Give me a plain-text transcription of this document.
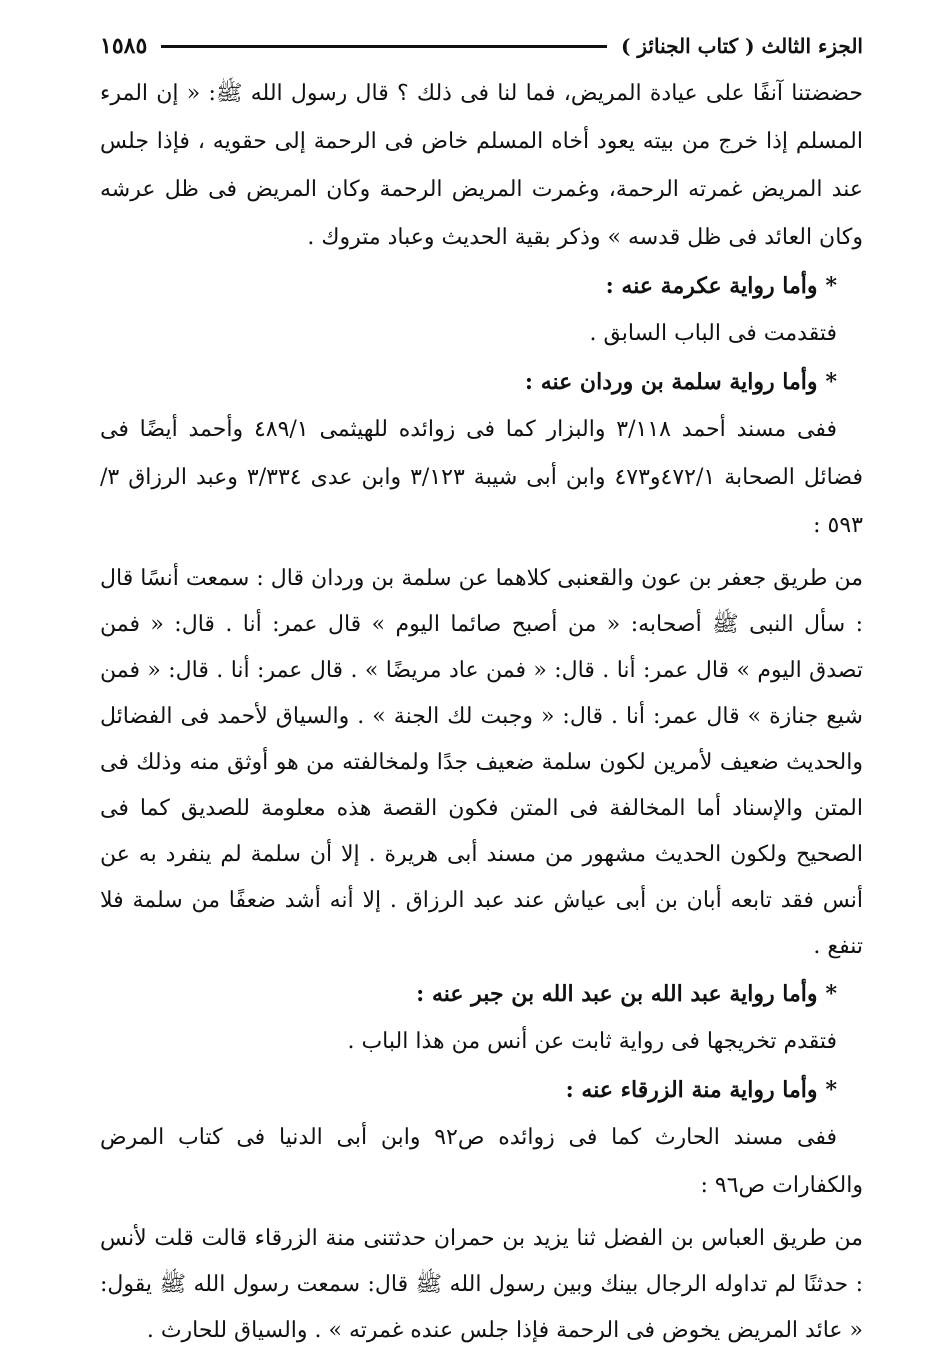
الجزء الثالث ( كتاب الجنائز )
١٥٨٥

حضضتنا آنفًا على عيادة المريض، فما لنا فى ذلك ؟ قال رسول الله ﷺ: « إن المرء المسلم إذا خرج من بيته يعود أخاه المسلم خاض فى الرحمة إلى حقويه ، فإذا جلس عند المريض غمرته الرحمة، وغمرت المريض الرحمة وكان المريض فى ظل عرشه وكان العائد فى ظل قدسه » وذكر بقية الحديث وعباد متروك .

*وأما رواية عكرمة عنه :

فتقدمت فى الباب السابق .

*وأما رواية سلمة بن وردان عنه :

ففى مسند أحمد ٣/١١٨ والبزار كما فى زوائده للهيثمى ٤٨٩/١ وأحمد أيضًا فى فضائل الصحابة ٤٧٢/١و٤٧٣ وابن أبى شيبة ٣/١٢٣ وابن عدى ٣/٣٣٤ وعبد الرزاق ٣/ ٥٩٣ :

من طريق جعفر بن عون والقعنبى كلاهما عن سلمة بن وردان قال : سمعت أنسًا قال : سأل النبى ﷺ أصحابه: « من أصبح صائما اليوم » قال عمر: أنا . قال: « فمن تصدق اليوم » قال عمر: أنا . قال: « فمن عاد مريضًا » . قال عمر: أنا . قال: « فمن شيع جنازة » قال عمر: أنا . قال: « وجبت لك الجنة » . والسياق لأحمد فى الفضائل والحديث ضعيف لأمرين لكون سلمة ضعيف جدًا ولمخالفته من هو أوثق منه وذلك فى المتن والإسناد أما المخالفة فى المتن فكون القصة هذه معلومة للصديق كما فى الصحيح ولكون الحديث مشهور من مسند أبى هريرة . إلا أن سلمة لم ينفرد به عن أنس فقد تابعه أبان بن أبى عياش عند عبد الرزاق . إلا أنه أشد ضعفًا من سلمة فلا تنفع .

*وأما رواية عبد الله بن عبد الله بن جبر عنه :

فتقدم تخريجها فى رواية ثابت عن أنس من هذا الباب .

*وأما رواية منة الزرقاء عنه :

ففى مسند الحارث كما فى زوائده ص٩٢ وابن أبى الدنيا فى كتاب المرض والكفارات ص٩٦ :

من طريق العباس بن الفضل ثنا يزيد بن حمران حدثتنى منة الزرقاء قالت قلت لأنس : حدثنًا لم تداوله الرجال بينك وبين رسول الله ﷺ قال: سمعت رسول الله ﷺ يقول: « عائد المريض يخوض فى الرحمة فإذا جلس عنده غمرته » . والسياق للحارث .
